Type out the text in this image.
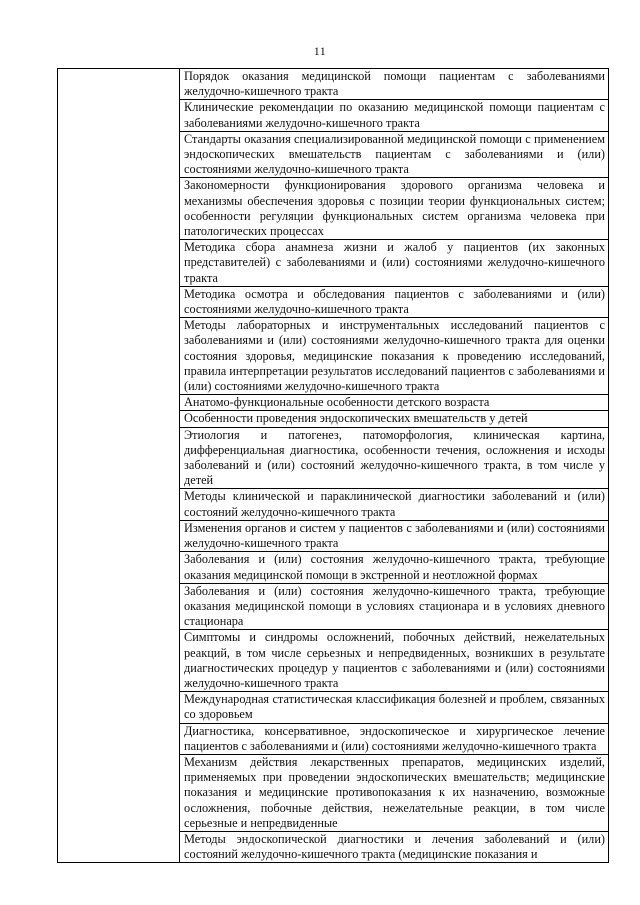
11
	Порядок оказания медицинской помощи пациентам с заболеваниями желудочно-кишечного тракта
Клинические рекомендации по оказанию медицинской помощи пациентам с заболеваниями желудочно-кишечного тракта
Стандарты оказания специализированной медицинской помощи с применением эндоскопических вмешательств пациентам с заболеваниями и (или) состояниями желудочно-кишечного тракта
Закономерности функционирования здорового организма человека и механизмы обеспечения здоровья с позиции теории функциональных систем; особенности регуляции функциональных систем организма человека при патологических процессах
Методика сбора анамнеза жизни и жалоб у пациентов (их законных представителей) с заболеваниями и (или) состояниями желудочно-кишечного тракта
Методика осмотра и обследования пациентов с заболеваниями и (или) состояниями желудочно-кишечного тракта
Методы лабораторных и инструментальных исследований пациентов с заболеваниями и (или) состояниями желудочно-кишечного тракта для оценки состояния здоровья, медицинские показания к проведению исследований, правила интерпретации результатов исследований пациентов с заболеваниями и (или) состояниями желудочно-кишечного тракта
Анатомо-функциональные особенности детского возраста
Особенности проведения эндоскопических вмешательств у детей
Этиология и патогенез, патоморфология, клиническая картина, дифференциальная диагностика, особенности течения, осложнения и исходы заболеваний и (или) состояний желудочно-кишечного тракта, в том числе у детей
Методы клинической и параклинической диагностики заболеваний и (или) состояний желудочно-кишечного тракта
Изменения органов и систем у пациентов с заболеваниями и (или) состояниями желудочно-кишечного тракта
Заболевания и (или) состояния желудочно-кишечного тракта, требующие оказания медицинской помощи в экстренной и неотложной формах
Заболевания и (или) состояния желудочно-кишечного тракта, требующие оказания медицинской помощи в условиях стационара и в условиях дневного стационара
Симптомы и синдромы осложнений, побочных действий, нежелательных реакций, в том числе серьезных и непредвиденных, возникших в результате диагностических процедур у пациентов с заболеваниями и (или) состояниями желудочно-кишечного тракта
Международная статистическая классификация болезней и проблем, связанных со здоровьем
Диагностика, консервативное, эндоскопическое и хирургическое лечение пациентов с заболеваниями и (или) состояниями желудочно-кишечного тракта
Механизм действия лекарственных препаратов, медицинских изделий, применяемых при проведении эндоскопических вмешательств; медицинские показания и медицинские противопоказания к их назначению, возможные осложнения, побочные действия, нежелательные реакции, в том числе серьезные и непредвиденные
Методы эндоскопической диагностики и лечения заболеваний и (или) состояний желудочно-кишечного тракта (медицинские показания и
